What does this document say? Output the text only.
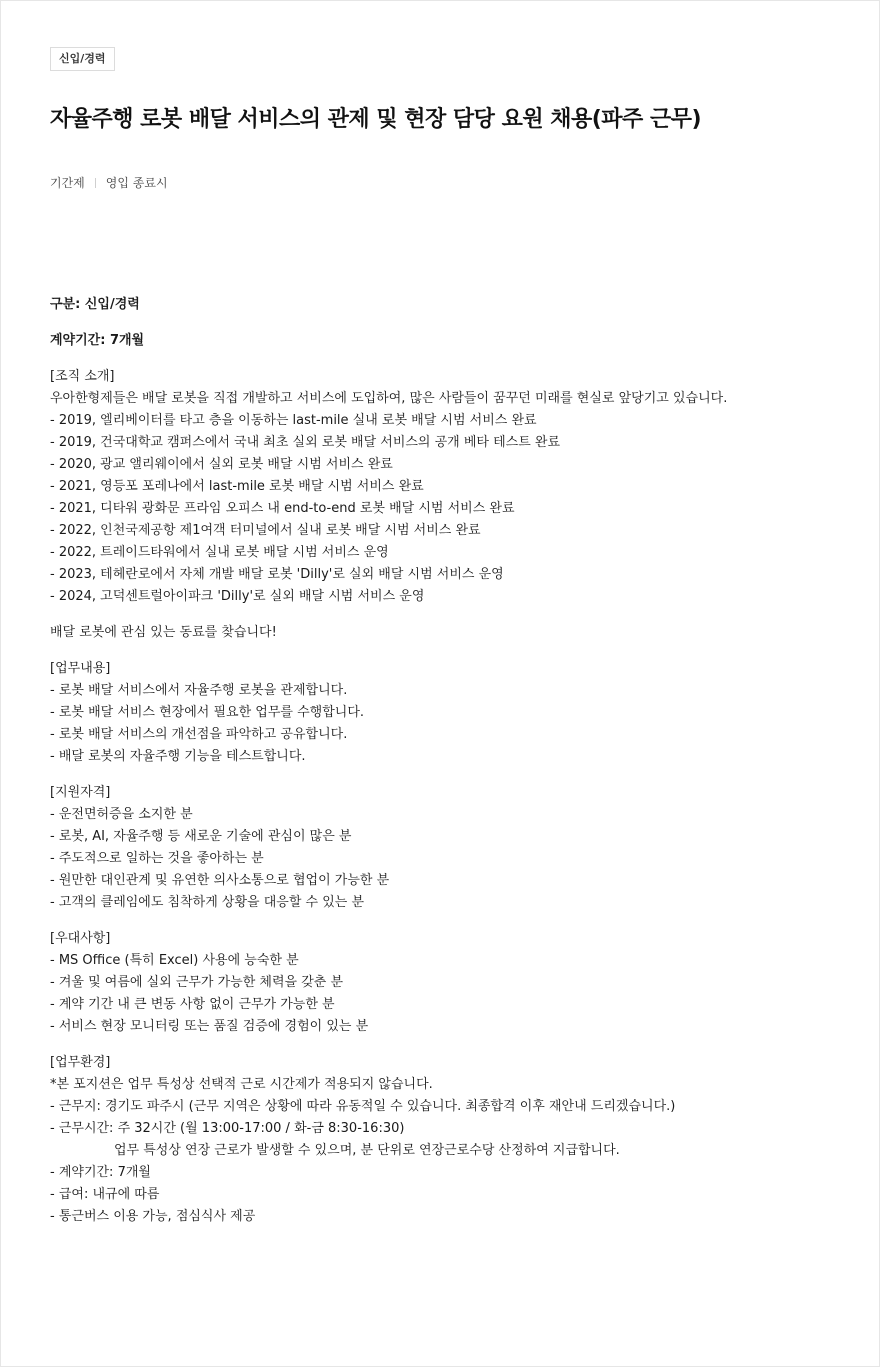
신입/경력
자율주행 로봇 배달 서비스의 관제 및 현장 담당 요원 채용(파주 근무)
기간제 영입 종료시

구분: 신입/경력

계약기간: 7개월

[조직 소개]

우아한형제들은 배달 로봇을 직접 개발하고 서비스에 도입하여, 많은 사람들이 꿈꾸던 미래를 현실로 앞당기고 있습니다.

- 2019, 엘리베이터를 타고 층을 이동하는 last-mile 실내 로봇 배달 시범 서비스 완료

- 2019, 건국대학교 캠퍼스에서 국내 최초 실외 로봇 배달 서비스의 공개 베타 테스트 완료

- 2020, 광교 앨리웨이에서 실외 로봇 배달 시범 서비스 완료

- 2021, 영등포 포레나에서 last-mile 로봇 배달 시범 서비스 완료

- 2021, 디타워 광화문 프라임 오피스 내 end-to-end 로봇 배달 시범 서비스 완료

- 2022, 인천국제공항 제1여객 터미널에서 실내 로봇 배달 시범 서비스 완료

- 2022, 트레이드타워에서 실내 로봇 배달 시범 서비스 운영

- 2023, 테헤란로에서 자체 개발 배달 로봇 'Dilly'로 실외 배달 시범 서비스 운영

- 2024, 고덕센트럴아이파크 'Dilly'로 실외 배달 시범 서비스 운영

배달 로봇에 관심 있는 동료를 찾습니다!

[업무내용]

- 로봇 배달 서비스에서 자율주행 로봇을 관제합니다.

- 로봇 배달 서비스 현장에서 필요한 업무를 수행합니다.

- 로봇 배달 서비스의 개선점을 파악하고 공유합니다.

- 배달 로봇의 자율주행 기능을 테스트합니다.

[지원자격]

- 운전면허증을 소지한 분

- 로봇, AI, 자율주행 등 새로운 기술에 관심이 많은 분

- 주도적으로 일하는 것을 좋아하는 분

- 원만한 대인관계 및 유연한 의사소통으로 협업이 가능한 분

- 고객의 클레임에도 침착하게 상황을 대응할 수 있는 분

[우대사항]

- MS Office (특히 Excel) 사용에 능숙한 분

- 겨울 및 여름에 실외 근무가 가능한 체력을 갖춘 분

- 계약 기간 내 큰 변동 사항 없이 근무가 가능한 분

- 서비스 현장 모니터링 또는 품질 검증에 경험이 있는 분

[업무환경]

*본 포지션은 업무 특성상 선택적 근로 시간제가 적용되지 않습니다.

- 근무지: 경기도 파주시 (근무 지역은 상황에 따라 유동적일 수 있습니다. 최종합격 이후 재안내 드리겠습니다.)

- 근무시간: 주 32시간 (월 13:00-17:00 / 화-금 8:30-16:30)

업무 특성상 연장 근로가 발생할 수 있으며, 분 단위로 연장근로수당 산정하여 지급합니다.

- 계약기간: 7개월

- 급여: 내규에 따름

- 통근버스 이용 가능, 점심식사 제공
